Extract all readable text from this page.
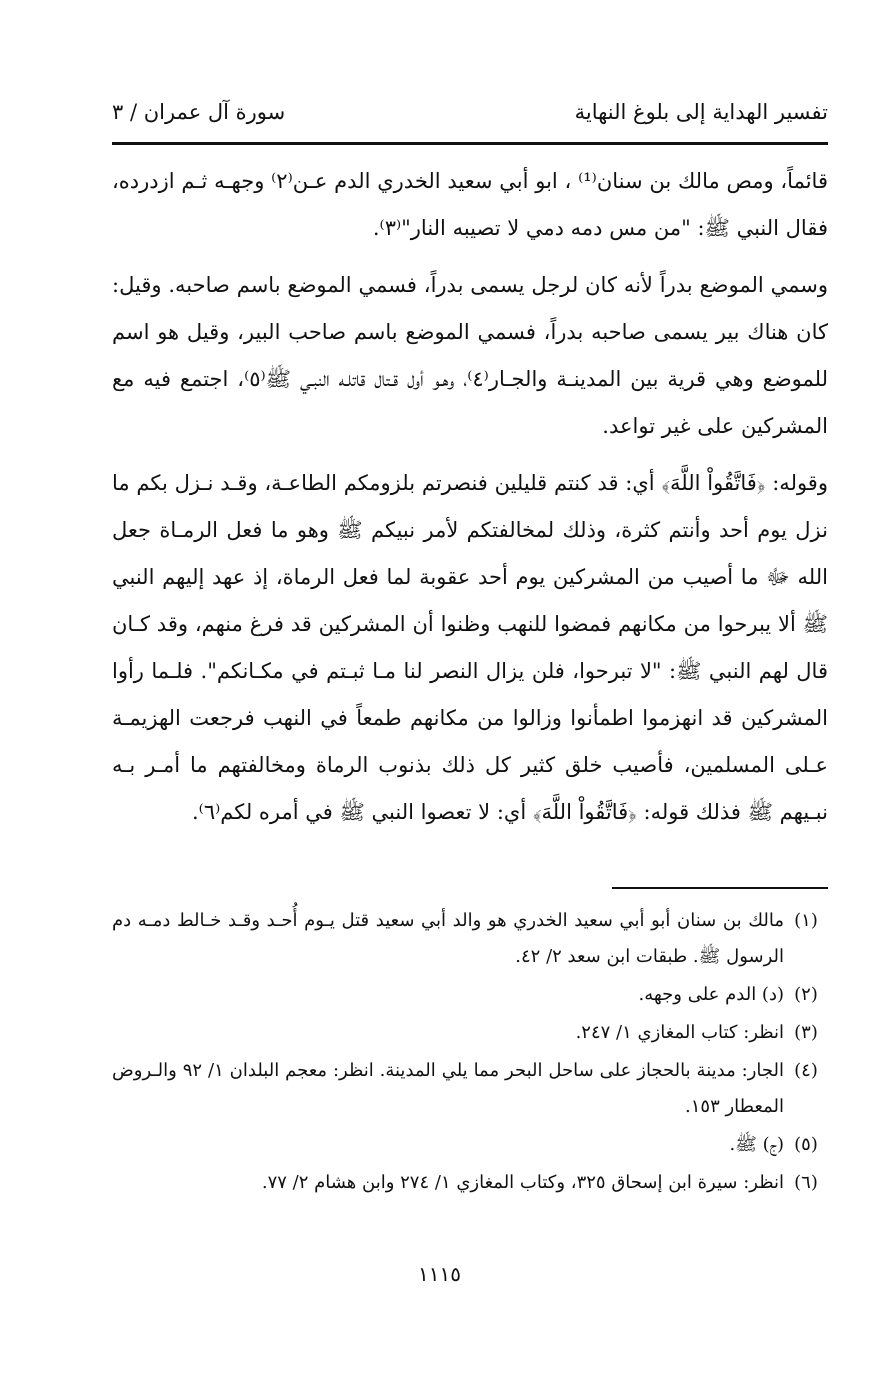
تفسير الهداية إلى بلوغ النهاية
سورة آل عمران / ٣

قائماً، ومص مالك بن سنان⁽¹⁾ ، ابو أبي سعيد الخدري الدم عـن⁽٢⁾ وجهـه ثـم ازدرده، فقال النبي ﷺ: "من مس دمه دمي لا تصيبه النار"⁽٣⁾.

وسمي الموضع بدراً لأنه كان لرجل يسمى بدراً، فسمي الموضع باسم صاحبه. وقيل: كان هناك بير يسمى صاحبه بدراً، فسمي الموضع باسم صاحب البير، وقيل هو اسم للموضع وهي قرية بين المدينـة والجـار⁽٤⁾، وهـو أول قـتال قاتلـه النبـي ﷺ⁽٥⁾، اجتمع فيه مع المشركين على غير تواعد.

وقوله: ﴿فَاتَّقُواْ اللَّهَ﴾ أي: قد كنتم قليلين فنصرتم بلزومكم الطاعـة، وقـد نـزل بكم ما نزل يوم أحد وأنتم كثرة، وذلك لمخالفتكم لأمر نبيكم ﷺ وهو ما فعل الرمـاة جعل الله ﷻ ما أصيب من المشركين يوم أحد عقوبة لما فعل الرماة، إذ عهد إليهم النبي ﷺ ألا يبرحوا من مكانهم فمضوا للنهب وظنوا أن المشركين قد فرغ منهم، وقد كـان قال لهم النبي ﷺ: "لا تبرحوا، فلن يزال النصر لنا مـا ثبـتم في مكـانكم". فلـما رأوا المشركين قد انهزموا اطمأنوا وزالوا من مكانهم طمعاً في النهب فرجعت الهزيمـة عـلى المسلمين، فأصيب خلق كثير كل ذلك بذنوب الرماة ومخالفتهم ما أمـر بـه نبـيهم ﷺ فذلك قوله: ﴿فَاتَّقُواْ اللَّهَ﴾ أي: لا تعصوا النبي ﷺ في أمره لكم⁽٦⁾.

(١)
مالك بن سنان أبو أبي سعيد الخدري هو والد أبي سعيد قتل يـوم أُحـد وقـد خـالط دمـه دم الرسول ﷺ. طبقات ابن سعد ٢/ ٤٢.
(٢)
(د) الدم على وجهه.
(٣)
انظر: كتاب المغازي ١/ ٢٤٧.
(٤)
الجار: مدينة بالحجاز على ساحل البحر مما يلي المدينة. انظر: معجم البلدان ١/ ٩٢ والـروض المعطار ١٥٣.
(٥)
(ج) ﷺ.
(٦)
انظر: سيرة ابن إسحاق ٣٢٥، وكتاب المغازي ١/ ٢٧٤ وابن هشام ٢/ ٧٧.
١١١٥
